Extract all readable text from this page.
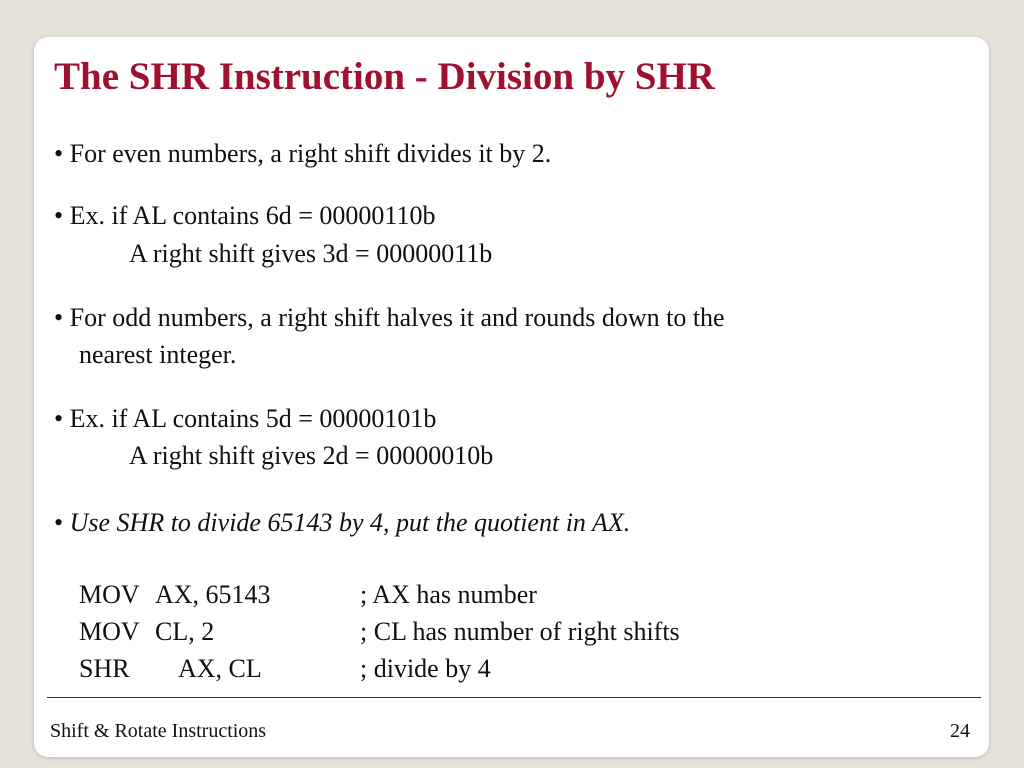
The SHR Instruction - Division by SHR

• For even numbers, a right shift divides it by 2.

• Ex. if AL contains 6d = 00000110b

A right shift gives 3d = 00000011b

• For odd numbers, a right shift halves it and rounds down to the

nearest integer.

• Ex. if AL contains 5d = 00000101b

A right shift gives 2d = 00000010b

• Use SHR to divide 65143 by 4, put the quotient in AX.

MOV AX, 65143	; AX has number
MOV CL, 2	; CL has number of right shifts
SHR AX, CL	; divide by 4
Shift & Rotate Instructions	24
